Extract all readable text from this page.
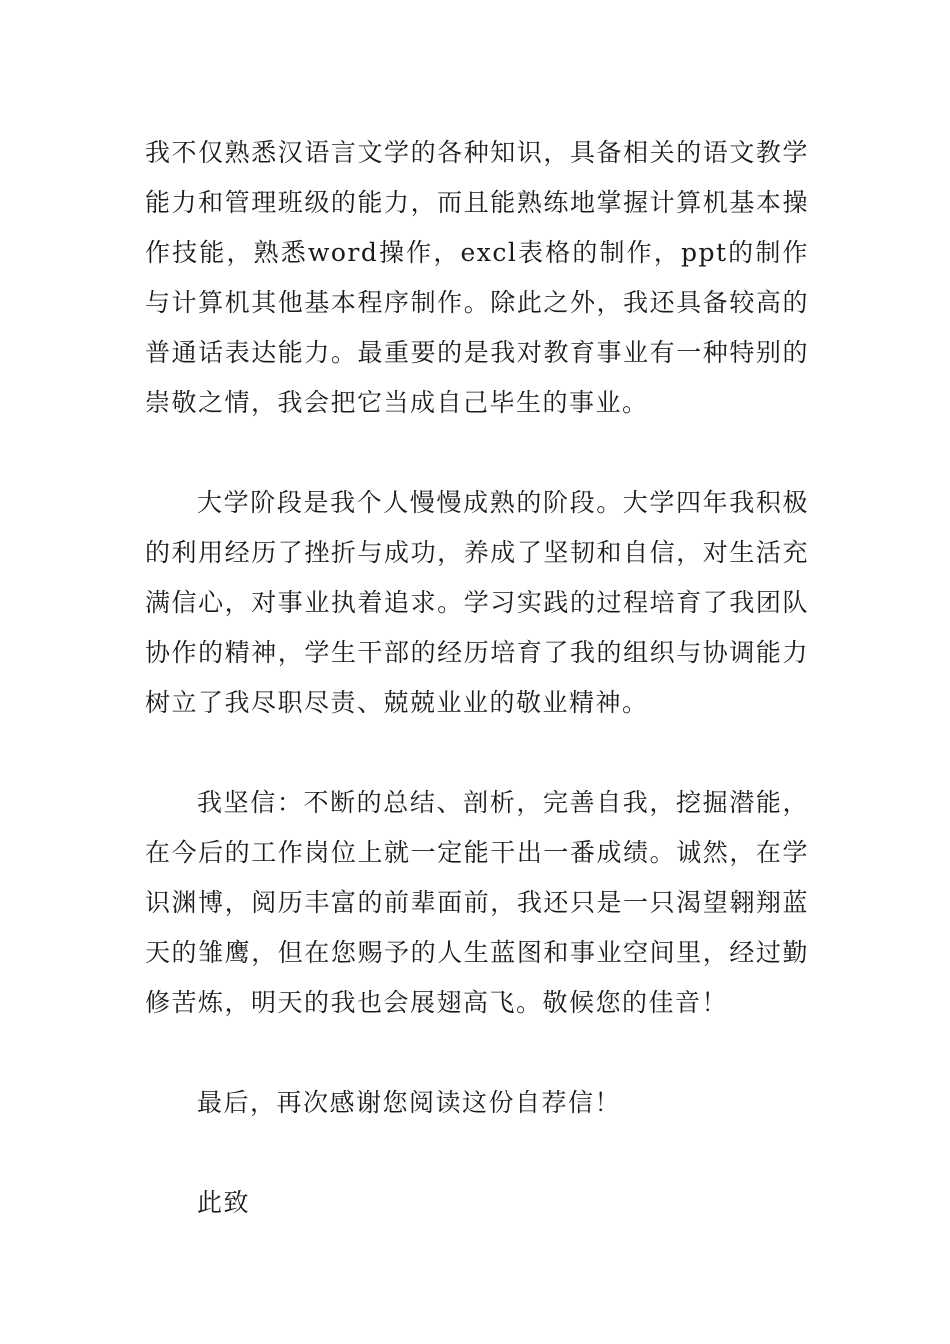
我不仅熟悉汉语言文学的各种知识，具备相关的语文教学能力和管理班级的能力，而且能熟练地掌握计算机基本操作技能，熟悉word操作，excl表格的制作，ppt的制作与计算机其他基本程序制作。除此之外，我还具备较高的普通话表达能力。最重要的是我对教育事业有一种特别的崇敬之情，我会把它当成自己毕生的事业。

大学阶段是我个人慢慢成熟的阶段。大学四年我积极的利用经历了挫折与成功，养成了坚韧和自信，对生活充满信心，对事业执着追求。学习实践的过程培育了我团队协作的精神，学生干部的经历培育了我的组织与协调能力树立了我尽职尽责、兢兢业业的敬业精神。

我坚信：不断的总结、剖析，完善自我，挖掘潜能，在今后的工作岗位上就一定能干出一番成绩。诚然，在学识渊博，阅历丰富的前辈面前，我还只是一只渴望翱翔蓝天的雏鹰，但在您赐予的人生蓝图和事业空间里，经过勤修苦炼，明天的我也会展翅高飞。敬候您的佳音！

最后，再次感谢您阅读这份自荐信！

此致
